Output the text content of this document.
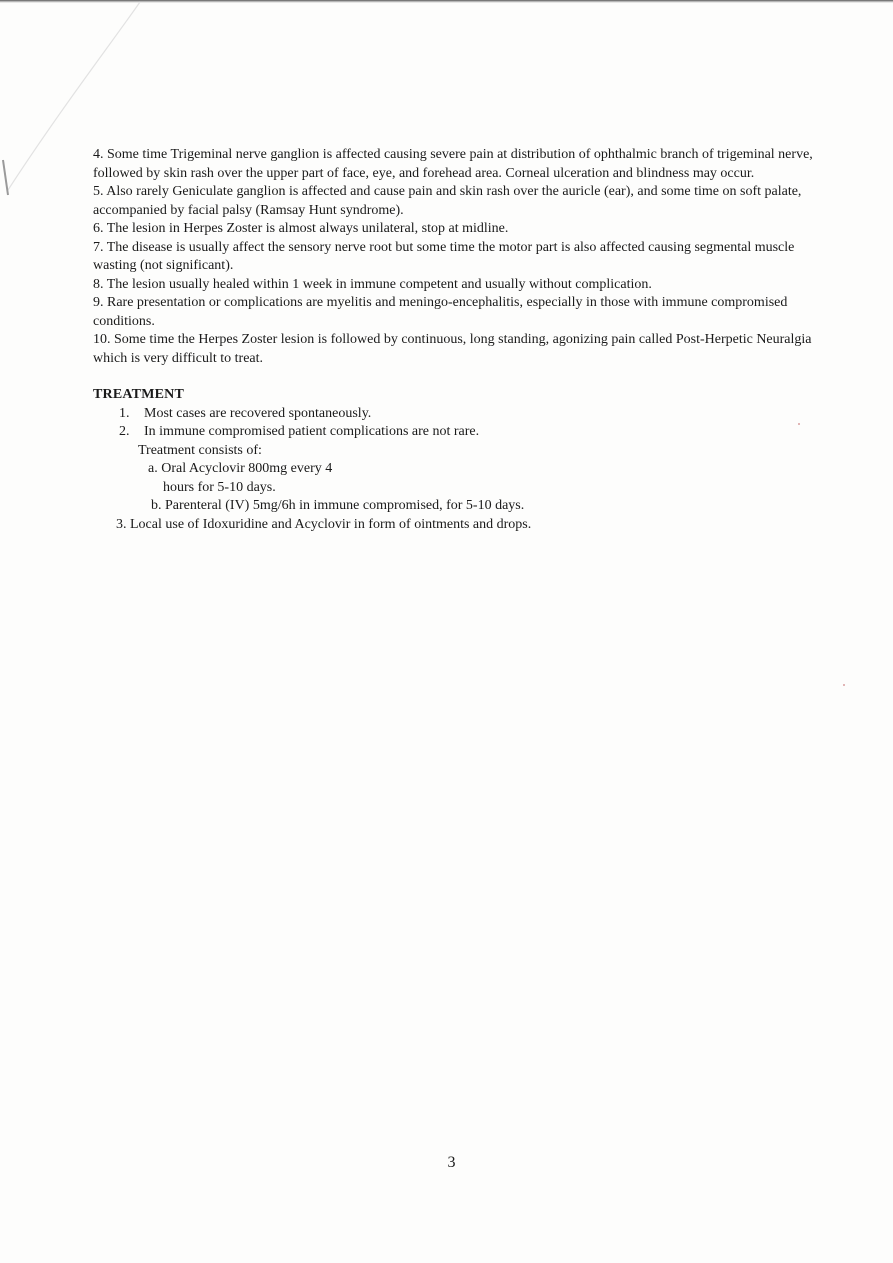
4. Some time Trigeminal nerve ganglion is affected causing severe pain at distribution of ophthalmic branch of trigeminal nerve, followed by skin rash over the upper part of face, eye, and forehead area. Corneal ulceration and blindness may occur.

5. Also rarely Geniculate ganglion is affected and cause pain and skin rash over the auricle (ear), and some time on soft palate, accompanied by facial palsy (Ramsay Hunt syndrome).

6. The lesion in Herpes Zoster is almost always unilateral, stop at midline.

7. The disease is usually affect the sensory nerve root but some time the motor part is also affected causing segmental muscle wasting (not significant).

8. The lesion usually healed within 1 week in immune competent and usually without complication.

9. Rare presentation or complications are myelitis and meningo-encephalitis, especially in those with immune compromised conditions.

10. Some time the Herpes Zoster lesion is followed by continuous, long standing, agonizing pain called Post-Herpetic Neuralgia which is very difficult to treat.

TREATMENT

1.	Most cases are recovered spontaneously.

2.	In immune compromised patient complications are not rare.

Treatment consists of:

a. Oral Acyclovir 800mg every 4

hours for 5-10 days.

b. Parenteral (IV) 5mg/6h in immune compromised, for 5-10 days.

3. Local use of Idoxuridine and Acyclovir in form of ointments and drops.

3
